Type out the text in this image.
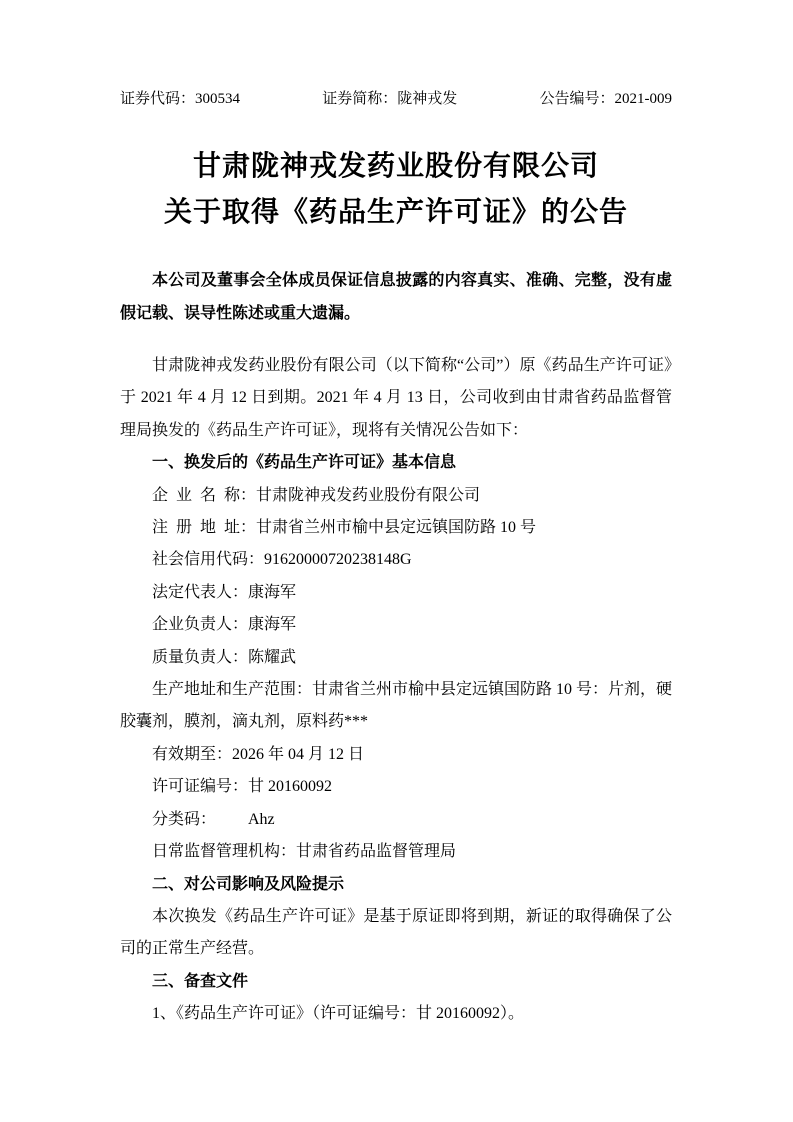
证券代码：300534	证券简称：陇神戎发	公告编号：2021-009
甘肃陇神戎发药业股份有限公司
关于取得《药品生产许可证》的公告

本公司及董事会全体成员保证信息披露的内容真实、准确、完整，没有虚假记载、误导性陈述或重大遗漏。

甘肃陇神戎发药业股份有限公司（以下简称“公司”）原《药品生产许可证》于 2021 年 4 月 12 日到期。2021 年 4 月 13 日，公司收到由甘肃省药品监督管理局换发的《药品生产许可证》，现将有关情况公告如下：

一、换发后的《药品生产许可证》基本信息

企  业  名  称：甘肃陇神戎发药业股份有限公司

注  册  地  址：甘肃省兰州市榆中县定远镇国防路 10 号

社会信用代码：91620000720238148G

法定代表人：康海军

企业负责人：康海军

质量负责人：陈耀武

生产地址和生产范围：甘肃省兰州市榆中县定远镇国防路 10 号：片剂，硬胶囊剂，膜剂，滴丸剂，原料药***

有效期至：2026 年 04 月 12 日

许可证编号：甘 20160092

分类码：        Ahz

日常监督管理机构：甘肃省药品监督管理局

二、对公司影响及风险提示

本次换发《药品生产许可证》是基于原证即将到期，新证的取得确保了公司的正常生产经营。

三、备查文件

1、《药品生产许可证》（许可证编号：甘 20160092）。
